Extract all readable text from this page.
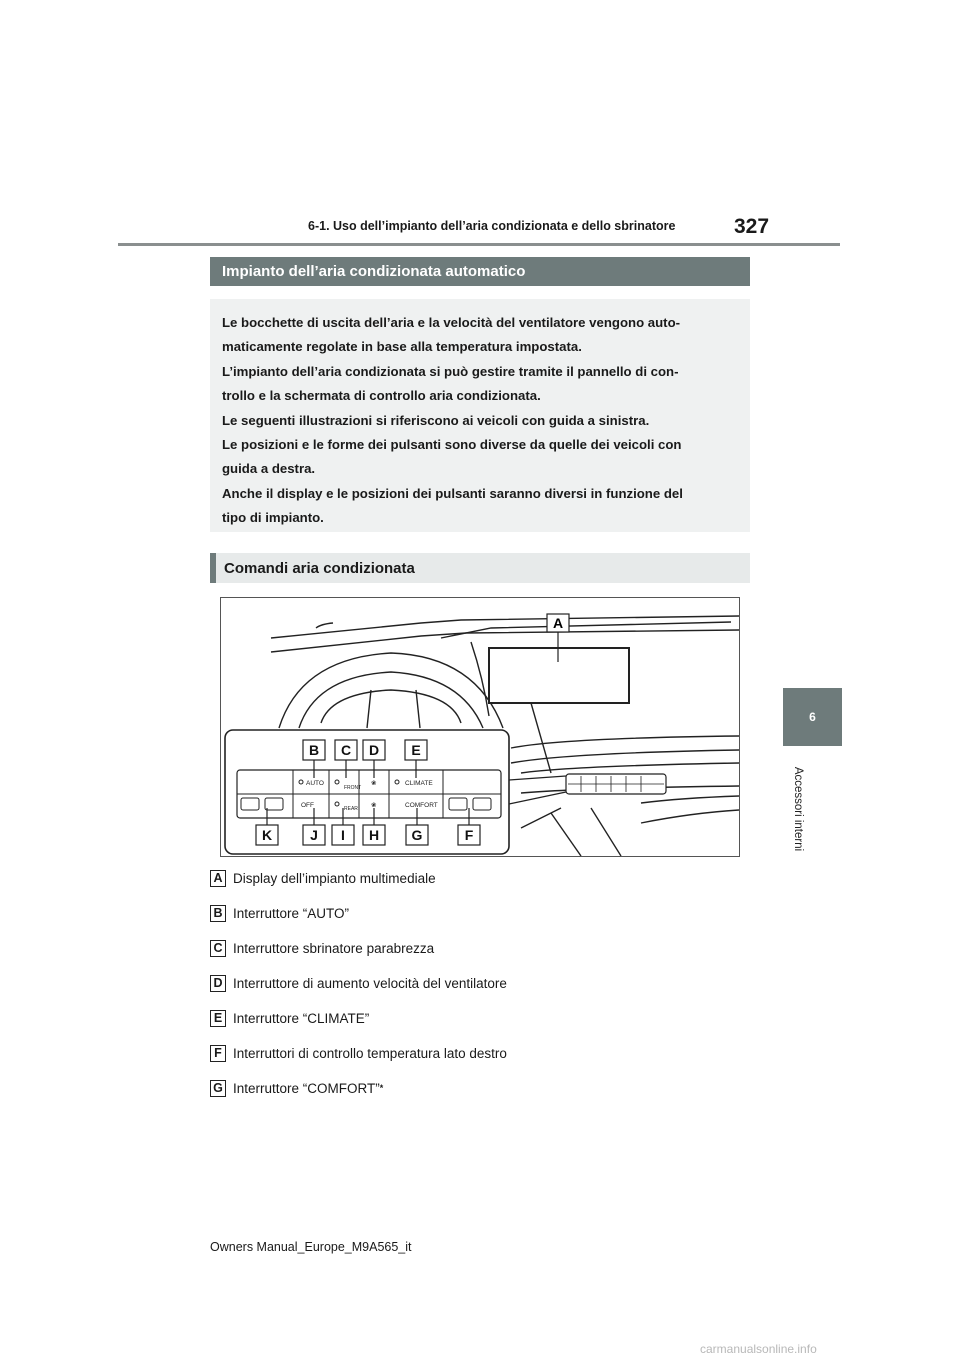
6-1. Uso dell’impianto dell’aria condizionata e dello sbrinatore	327
6
Accessori interni
Impianto dell’aria condizionata automatico

Le bocchette di uscita dell’aria e la velocità del ventilatore vengono auto-

maticamente regolate in base alla temperatura impostata.

L’impianto dell’aria condizionata si può gestire tramite il pannello di con-

trollo e la schermata di controllo aria condizionata.

Le seguenti illustrazioni si riferiscono ai veicoli con guida a sinistra.

Le posizioni e le forme dei pulsanti sono diverse da quelle dei veicoli con

guida a destra.

Anche il display e le posizioni dei pulsanti saranno diversi in funzione del

tipo di impianto.

Comandi aria condizionata
A
AUTO
FRONT
❀	CLIMATE
OFF	REAR ❀	COMFORT
B C D E
K	J I H G	F
A Display dell’impianto multimediale
B Interruttore “AUTO”
C Interruttore sbrinatore parabrezza
D Interruttore di aumento velocità del ventilatore
E Interruttore “CLIMATE”
F Interruttori di controllo temperatura lato destro
G Interruttore “COMFORT” *
Owners Manual_Europe_M9A565_it
carmanualsonline.info
